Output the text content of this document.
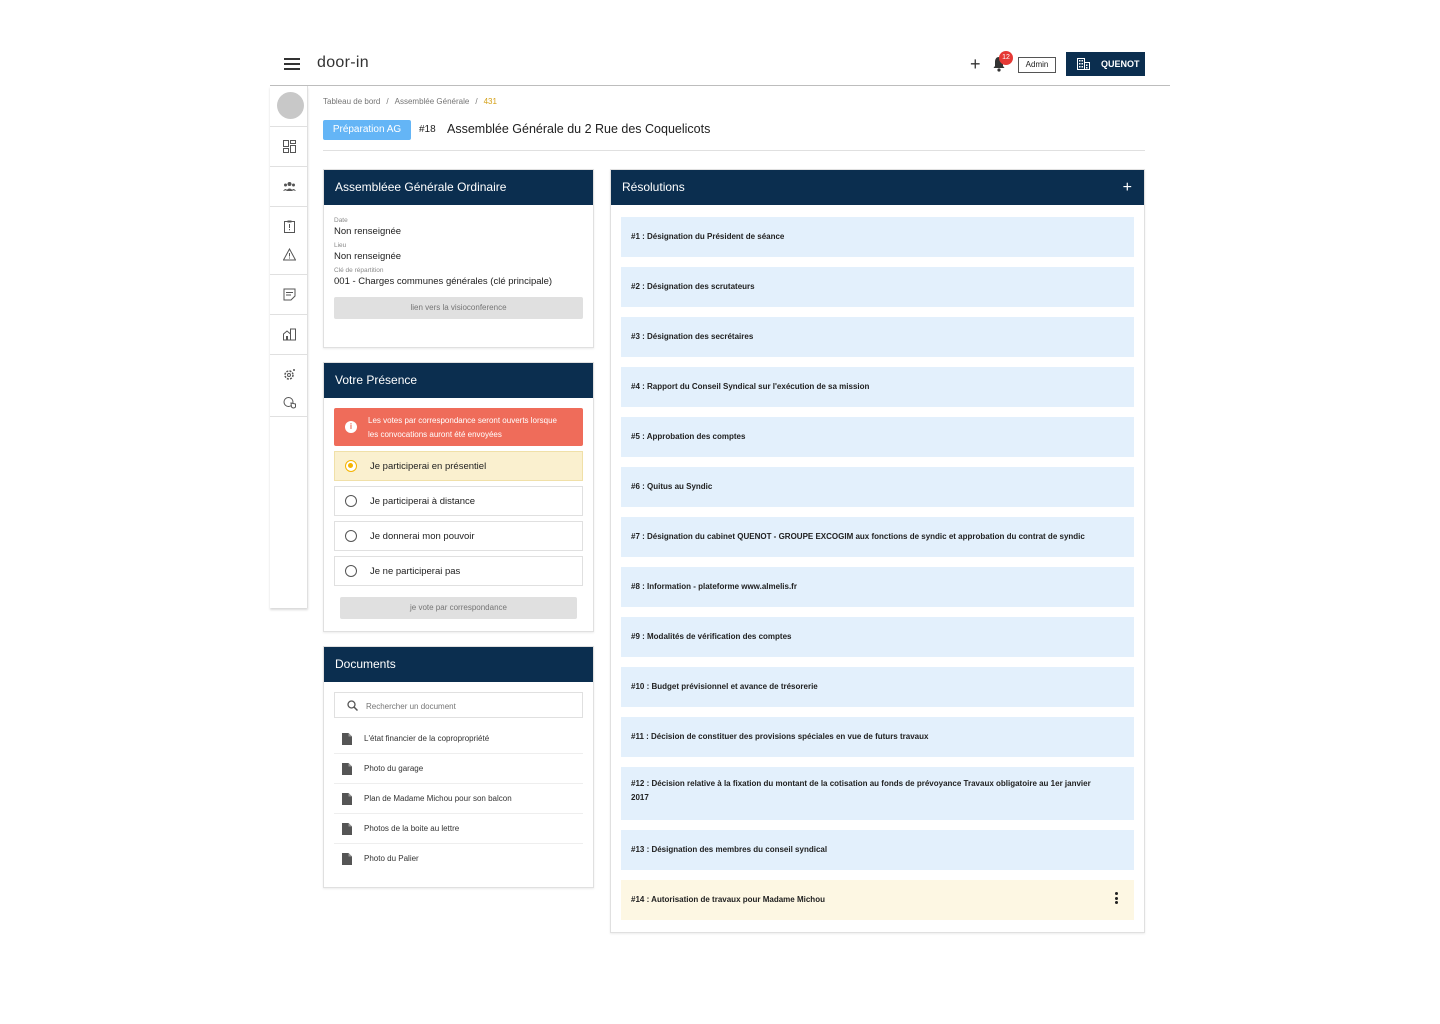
door-in	+	12
Admin	QUENOT
Tableau de bord / Assemblée Générale / 431
Préparation AG	#18 Assemblée Générale du 2 Rue des Coquelicots
Assembléee Générale Ordinaire
Date
Non renseignée
Lieu
Non renseignée
Clé de répartition
001 - Charges communes générales (clé principale)
lien vers la visioconference
Votre Présence
i
Les votes par correspondance seront ouverts lorsque les convocations auront été envoyées
Je participerai en présentiel
Je participerai à distance
Je donnerai mon pouvoir
Je ne participerai pas
je vote par correspondance
Documents
Rechercher un document
L'état financier de la copropropriété
Photo du garage
Plan de Madame Michou pour son balcon
Photos de la boite au lettre
Photo du Palier
Résolutions	+
#1 : Désignation du Président de séance
#2 : Désignation des scrutateurs
#3 : Désignation des secrétaires
#4 : Rapport du Conseil Syndical sur l'exécution de sa mission
#5 : Approbation des comptes
#6 : Quitus au Syndic
#7 : Désignation du cabinet QUENOT - GROUPE EXCOGIM aux fonctions de syndic et approbation du contrat de syndic
#8 : Information - plateforme www.almelis.fr
#9 : Modalités de vérification des comptes
#10 : Budget prévisionnel et avance de trésorerie
#11 : Décision de constituer des provisions spéciales en vue de futurs travaux
#12 : Décision relative à la fixation du montant de la cotisation au fonds de prévoyance Travaux obligatoire au 1er janvier 2017
#13 : Désignation des membres du conseil syndical
#14 : Autorisation de travaux pour Madame Michou
